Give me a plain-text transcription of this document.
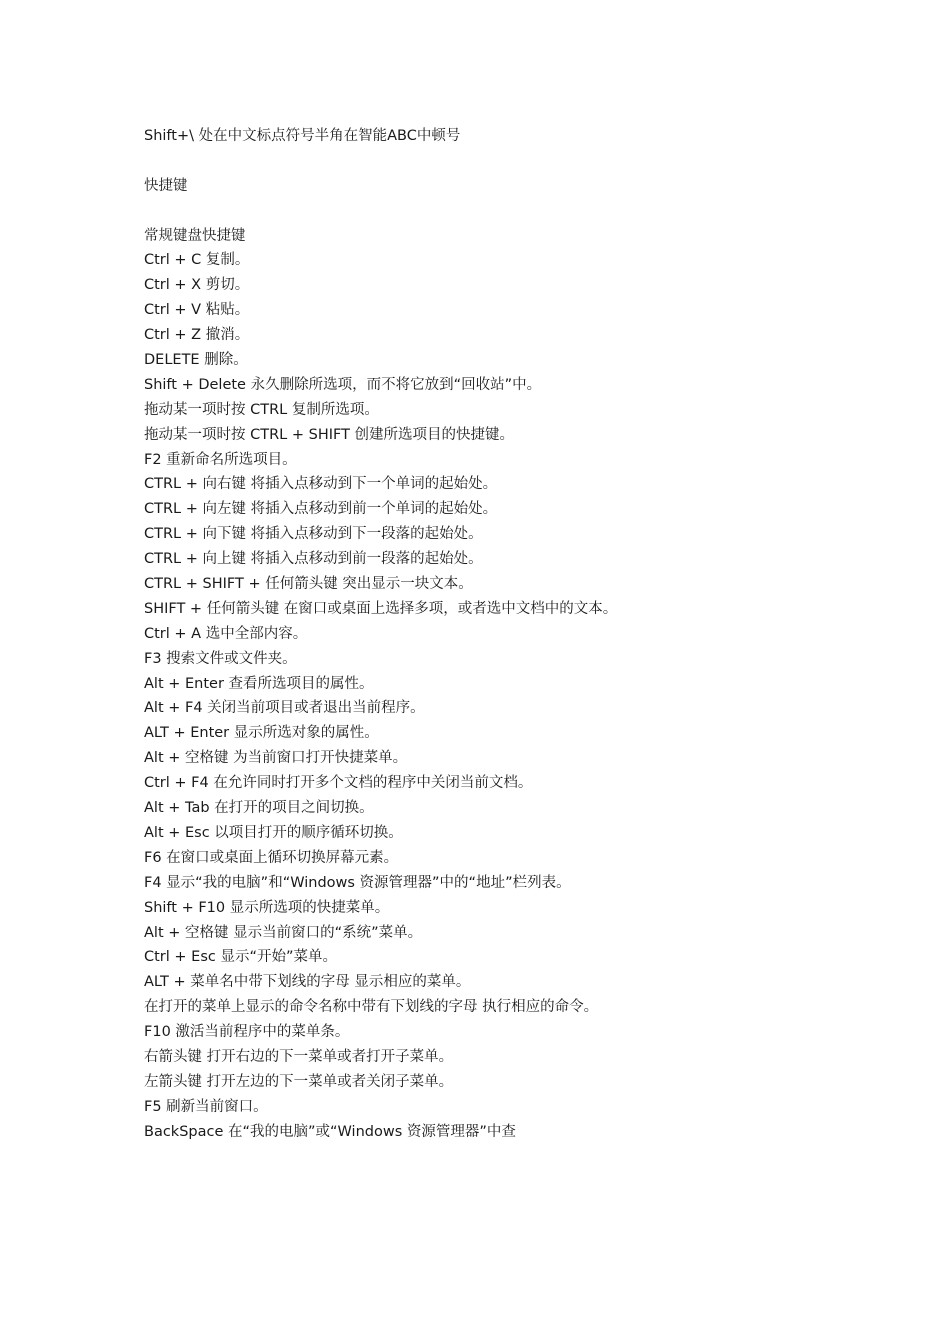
Shift+\ 处在中文标点符号半角在智能ABC中顿号
快捷键
常规键盘快捷键
Ctrl + C 复制。
Ctrl + X 剪切。
Ctrl + V 粘贴。
Ctrl + Z 撤消。
DELETE 删除。
Shift + Delete 永久删除所选项，而不将它放到“回收站”中。
拖动某一项时按 CTRL 复制所选项。
拖动某一项时按 CTRL + SHIFT 创建所选项目的快捷键。
F2 重新命名所选项目。
CTRL + 向右键 将插入点移动到下一个单词的起始处。
CTRL + 向左键 将插入点移动到前一个单词的起始处。
CTRL + 向下键 将插入点移动到下一段落的起始处。
CTRL + 向上键 将插入点移动到前一段落的起始处。
CTRL + SHIFT + 任何箭头键 突出显示一块文本。
SHIFT + 任何箭头键 在窗口或桌面上选择多项，或者选中文档中的文本。
Ctrl + A 选中全部内容。
F3 搜索文件或文件夹。
Alt + Enter 查看所选项目的属性。
Alt + F4 关闭当前项目或者退出当前程序。
ALT + Enter 显示所选对象的属性。
Alt + 空格键 为当前窗口打开快捷菜单。
Ctrl + F4 在允许同时打开多个文档的程序中关闭当前文档。
Alt + Tab 在打开的项目之间切换。
Alt + Esc 以项目打开的顺序循环切换。
F6 在窗口或桌面上循环切换屏幕元素。
F4 显示“我的电脑”和“Windows 资源管理器”中的“地址”栏列表。
Shift + F10 显示所选项的快捷菜单。
Alt + 空格键 显示当前窗口的“系统”菜单。
Ctrl + Esc 显示“开始”菜单。
ALT + 菜单名中带下划线的字母 显示相应的菜单。
在打开的菜单上显示的命令名称中带有下划线的字母 执行相应的命令。
F10 激活当前程序中的菜单条。
右箭头键 打开右边的下一菜单或者打开子菜单。
左箭头键 打开左边的下一菜单或者关闭子菜单。
F5 刷新当前窗口。
BackSpace 在“我的电脑”或“Windows 资源管理器”中查
